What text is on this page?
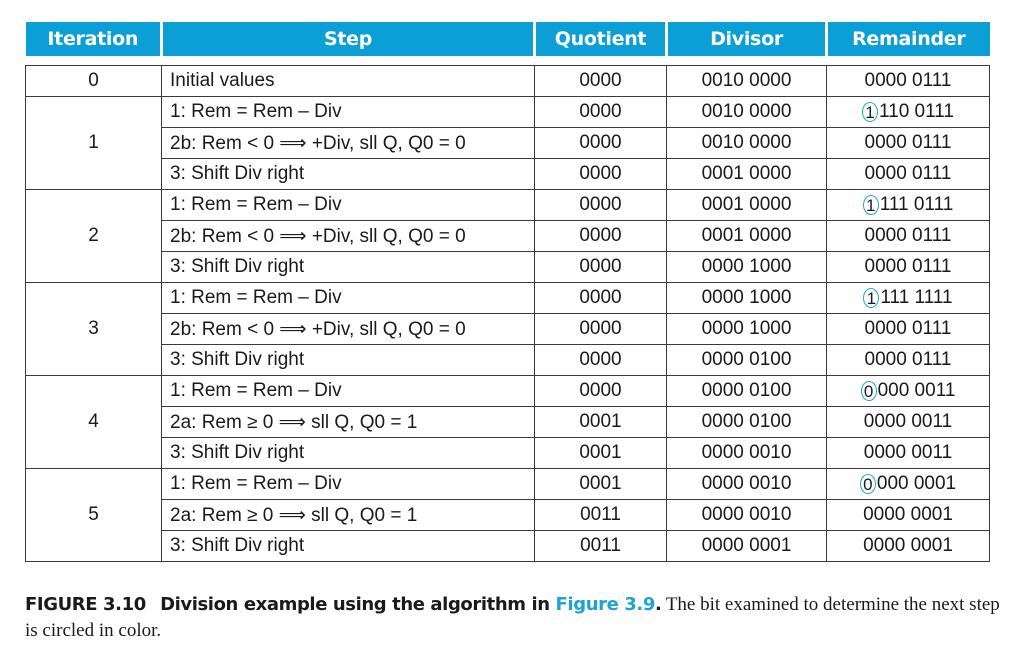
Iteration	Step	Quotient	Divisor	Remainder

0	Initial values	0000	0010 0000	0000 0111
1	1: Rem = Rem – Div	0000	0010 0000	1 110 0111
	2b: Rem < 0 ⟹ +Div, sll Q, Q0 = 0	0000	0010 0000	0000 0111
	3: Shift Div right	0000	0001 0000	0000 0111
2	1: Rem = Rem – Div	0000	0001 0000	1 111 0111
	2b: Rem < 0 ⟹ +Div, sll Q, Q0 = 0	0000	0001 0000	0000 0111
	3: Shift Div right	0000	0000 1000	0000 0111
3	1: Rem = Rem – Div	0000	0000 1000	1 111 1111
	2b: Rem < 0 ⟹ +Div, sll Q, Q0 = 0	0000	0000 1000	0000 0111
	3: Shift Div right	0000	0000 0100	0000 0111
4	1: Rem = Rem – Div	0000	0000 0100	0 000 0011
	2a: Rem ≥ 0 ⟹ sll Q, Q0 = 1	0001	0000 0100	0000 0011
	3: Shift Div right	0001	0000 0010	0000 0011
5	1: Rem = Rem – Div	0001	0000 0010	0 000 0001
	2a: Rem ≥ 0 ⟹ sll Q, Q0 = 1	0011	0000 0010	0000 0001
	3: Shift Div right	0011	0000 0001	0000 0001
FIGURE 3.10 Division example using the algorithm in Figure 3.9. The bit examined to determine the next step is circled in color.
